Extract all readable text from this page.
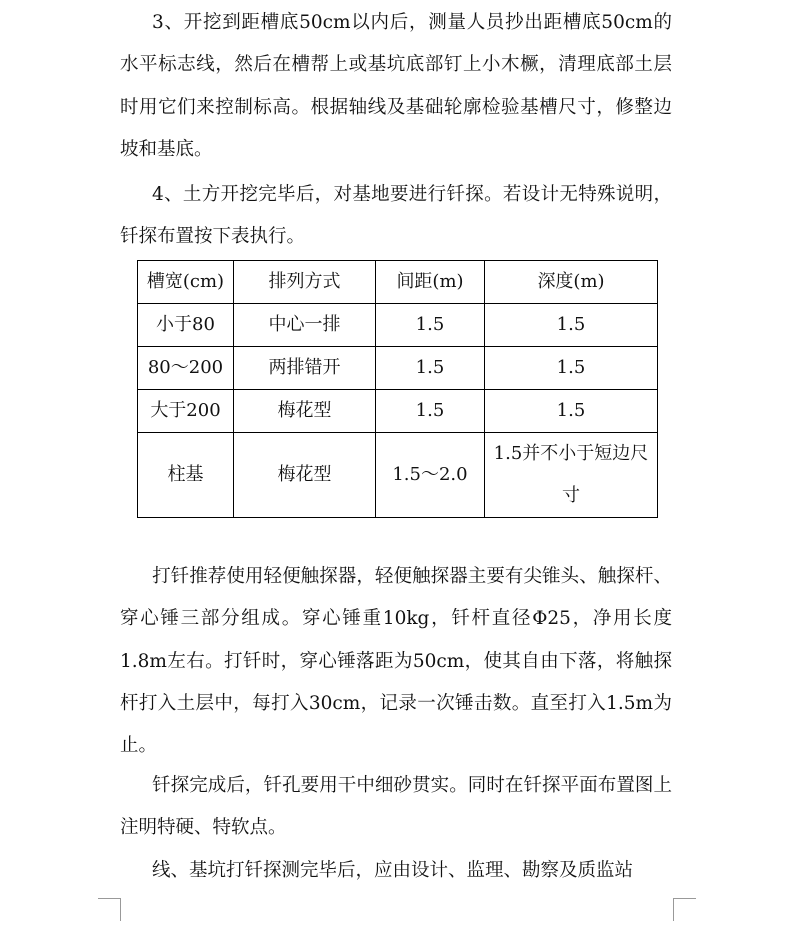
3、开挖到距槽底50cm以内后，测量人员抄出距槽底50cm的水平标志线，然后在槽帮上或基坑底部钉上小木橛，清理底部土层时用它们来控制标高。根据轴线及基础轮廓检验基槽尺寸，修整边坡和基底。

4、土方开挖完毕后，对基地要进行钎探。若设计无特殊说明，钎探布置按下表执行。

槽宽(cm)	排列方式	间距(m)	深度(m)
小于80	中心一排	1.5	1.5
80～200	两排错开	1.5	1.5
大于200	梅花型	1.5	1.5
柱基	梅花型	1.5～2.0	1.5并不小于短边尺寸

打钎推荐使用轻便触探器，轻便触探器主要有尖锥头、触探杆、穿心锤三部分组成。穿心锤重10kg，钎杆直径Φ25，净用长度1.8m左右。打钎时，穿心锤落距为50cm，使其自由下落，将触探杆打入土层中，每打入30cm，记录一次锤击数。直至打入1.5m为止。

钎探完成后，钎孔要用干中细砂贯实。同时在钎探平面布置图上注明特硬、特软点。

线、基坑打钎探测完毕后，应由设计、监理、勘察及质监站
